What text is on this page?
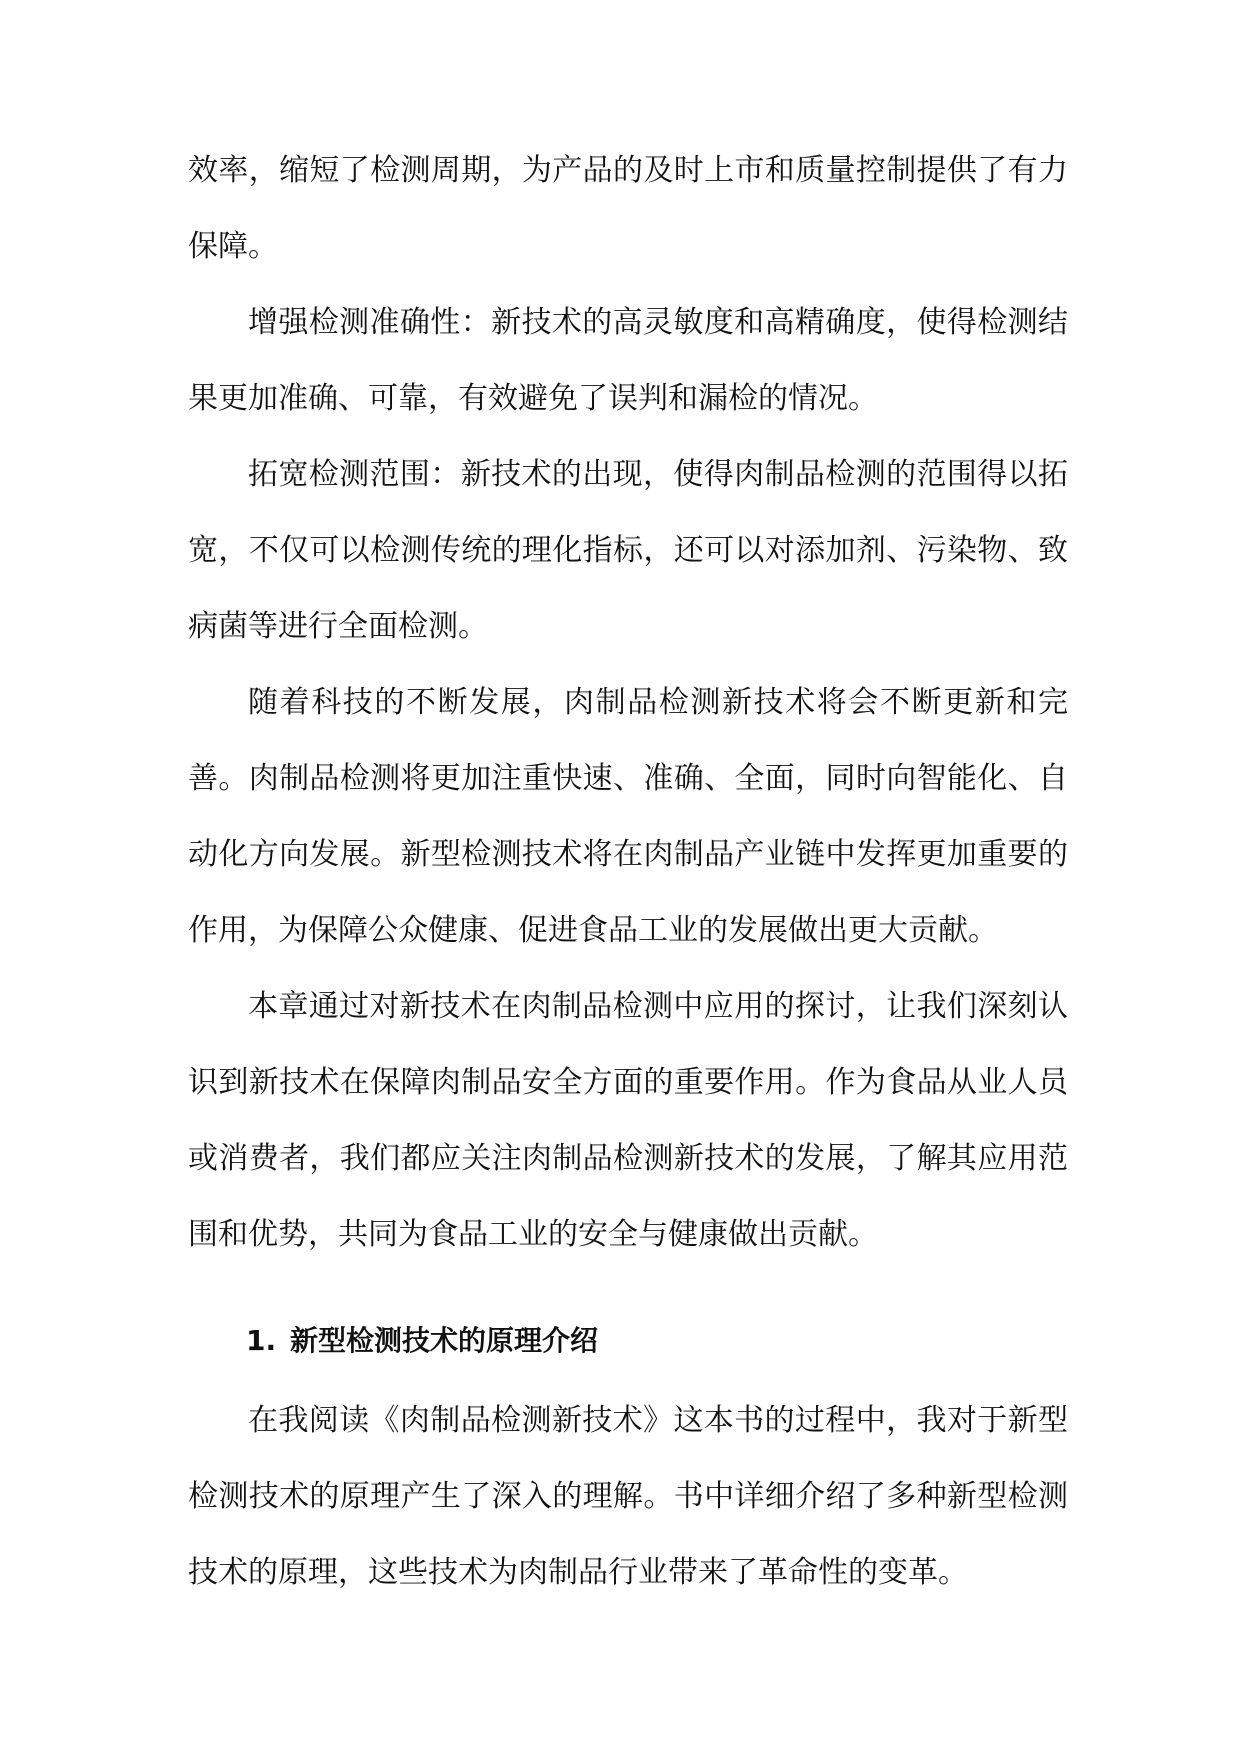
效率，缩短了检测周期，为产品的及时上市和质量控制提供了有力保障。

增强检测准确性：新技术的高灵敏度和高精确度，使得检测结果更加准确、可靠，有效避免了误判和漏检的情况。

拓宽检测范围：新技术的出现，使得肉制品检测的范围得以拓宽，不仅可以检测传统的理化指标，还可以对添加剂、污染物、致病菌等进行全面检测。

随着科技的不断发展，肉制品检测新技术将会不断更新和完善。肉制品检测将更加注重快速、准确、全面，同时向智能化、自动化方向发展。新型检测技术将在肉制品产业链中发挥更加重要的作用，为保障公众健康、促进食品工业的发展做出更大贡献。

本章通过对新技术在肉制品检测中应用的探讨，让我们深刻认识到新技术在保障肉制品安全方面的重要作用。作为食品从业人员或消费者，我们都应关注肉制品检测新技术的发展，了解其应用范围和优势，共同为食品工业的安全与健康做出贡献。

1. 新型检测技术的原理介绍

在我阅读《肉制品检测新技术》这本书的过程中，我对于新型检测技术的原理产生了深入的理解。书中详细介绍了多种新型检测技术的原理，这些技术为肉制品行业带来了革命性的变革。
